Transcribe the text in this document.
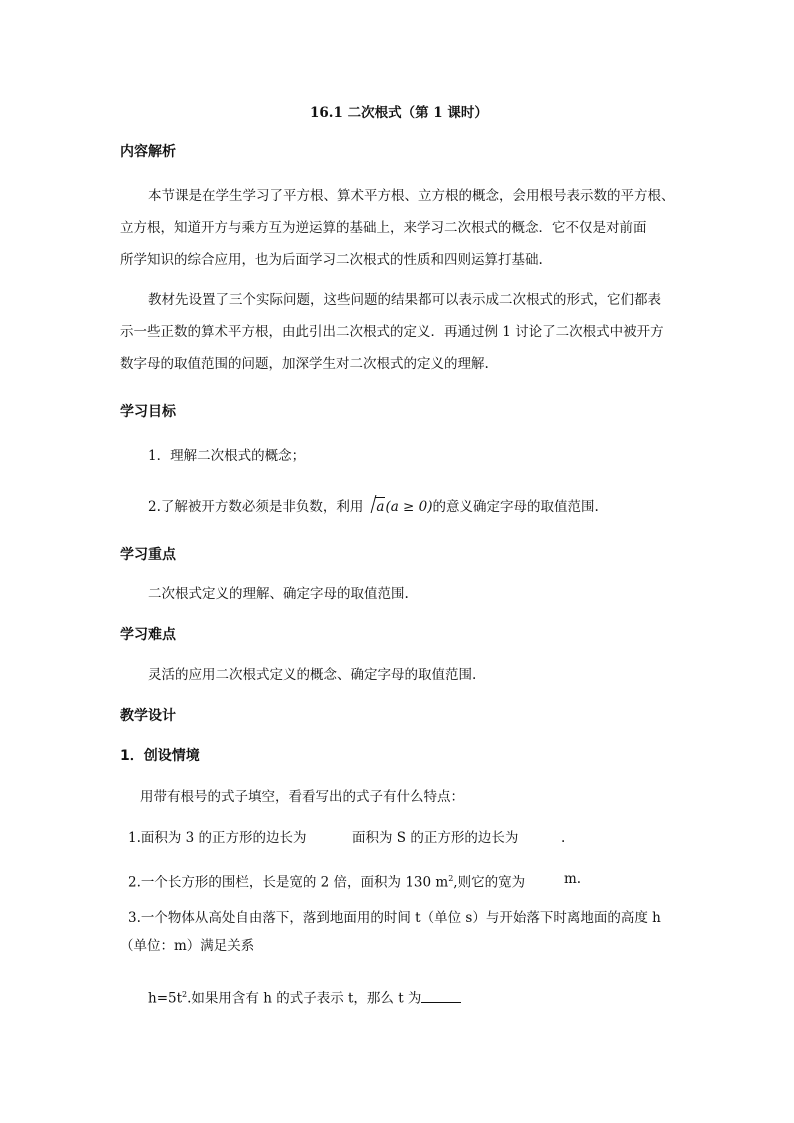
16.1 二次根式（第 1 课时）
内容解析
本节课是在学生学习了平方根、算术平方根、立方根的概念，会用根号表示数的平方根、
立方根，知道开方与乘方互为逆运算的基础上，来学习二次根式的概念．它不仅是对前面
所学知识的综合应用，也为后面学习二次根式的性质和四则运算打基础.
教材先设置了三个实际问题，这些问题的结果都可以表示成二次根式的形式，它们都表
示一些正数的算术平方根，由此引出二次根式的定义．再通过例 1 讨论了二次根式中被开方
数字母的取值范围的问题，加深学生对二次根式的定义的理解.
学习目标
1．理解二次根式的概念；
2.了解被开方数必须是非负数，利用 a(a ≥ 0)的意义确定字母的取值范围.
学习重点
二次根式定义的理解、确定字母的取值范围.
学习难点
灵活的应用二次根式定义的概念、确定字母的取值范围.
教学设计
1．创设情境
用带有根号的式子填空，看看写出的式子有什么特点：
1.面积为 3 的正方形的边长为	面积为 S 的正方形的边长为	.
2.一个长方形的围栏，长是宽的 2 倍，面积为 130 $m^2$,则它的宽为	m.
3.一个物体从高处自由落下，落到地面用的时间 t（单位 s）与开始落下时离地面的高度 h
（单位：m）满足关系
$h=5t^2$.如果用含有 h 的式子表示 t，那么 t 为
